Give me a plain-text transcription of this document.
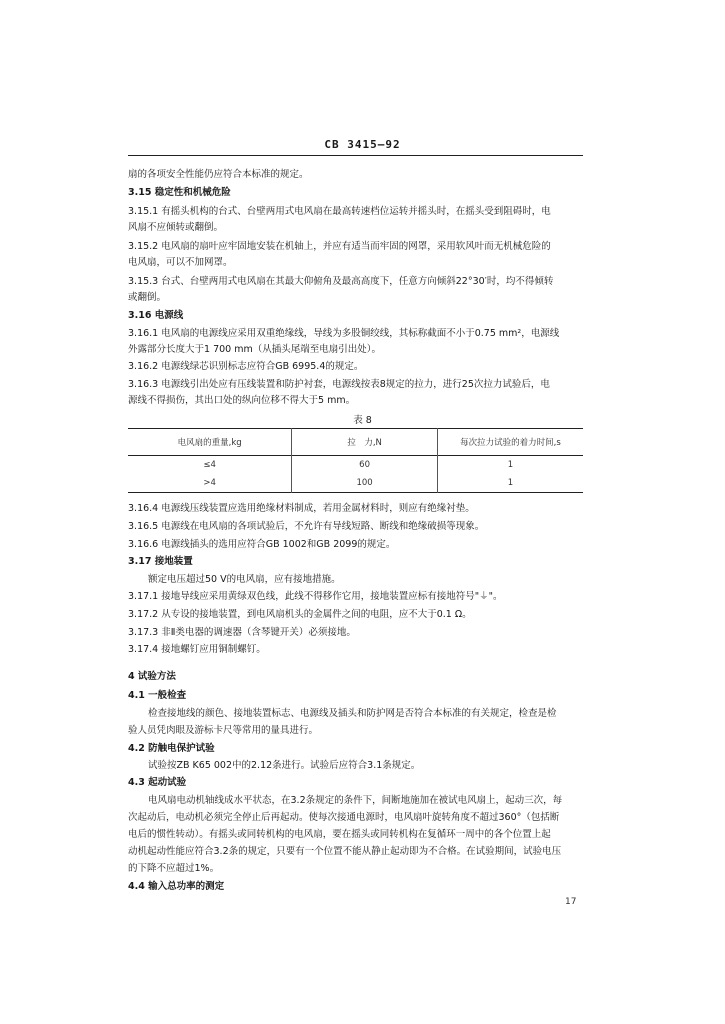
CB 3415—92
扇的各项安全性能仍应符合本标准的规定。
3.15 稳定性和机械危险
3.15.1 有摇头机构的台式、台壁两用式电风扇在最高转速档位运转并摇头时，在摇头受到阻碍时，电
风扇不应倾转或翻倒。
3.15.2 电风扇的扇叶应牢固地安装在机轴上，并应有适当而牢固的网罩，采用软风叶而无机械危险的
电风扇，可以不加网罩。
3.15.3 台式、台壁两用式电风扇在其最大仰俯角及最高高度下，任意方向倾斜22°30′时，均不得倾转
或翻倒。
3.16 电源线
3.16.1 电风扇的电源线应采用双重绝缘线，导线为多股铜绞线，其标称截面不小于0.75 mm²，电源线
外露部分长度大于1 700 mm（从插头尾端至电扇引出处）。
3.16.2 电源线绿芯识别标志应符合GB 6995.4的规定。
3.16.3 电源线引出处应有压线装置和防护衬套，电源线按表8规定的拉力，进行25次拉力试验后，电
源线不得损伤，其出口处的纵向位移不得大于5 mm。
表 8
电风扇的重量,kg	拉　力,N	每次拉力试验的着力时间,s
≤4	60	1
>4	100	1
3.16.4 电源线压线装置应选用绝缘材料制成，若用金属材料时，则应有绝缘衬垫。
3.16.5 电源线在电风扇的各项试验后，不允许有导线短路、断线和绝缘破损等现象。
3.16.6 电源线插头的选用应符合GB 1002和GB 2099的规定。
3.17 接地装置
额定电压超过50 V的电风扇，应有接地措施。
3.17.1 接地导线应采用黄绿双色线，此线不得移作它用，接地装置应标有接地符号"⏚"。
3.17.2 从专设的接地装置，到电风扇机头的金属件之间的电阻，应不大于0.1 Ω。
3.17.3 非Ⅱ类电器的调速器（含琴键开关）必须接地。
3.17.4 接地螺钉应用铜制螺钉。
4 试验方法
4.1 一般检查
检查接地线的颜色、接地装置标志、电源线及插头和防护网是否符合本标准的有关规定，检查是检
验人员凭肉眼及游标卡尺等常用的量具进行。
4.2 防触电保护试验
试验按ZB K65 002中的2.12条进行。试验后应符合3.1条规定。
4.3 起动试验
电风扇电动机轴线成水平状态，在3.2条规定的条件下，间断地施加在被试电风扇上，起动三次，每
次起动后，电动机必须完全停止后再起动。使每次接通电源时，电风扇叶旋转角度不超过360°（包括断
电后的惯性转动）。有摇头或同转机构的电风扇，要在摇头或同转机构在复循环一周中的各个位置上起
动机起动性能应符合3.2条的规定，只要有一个位置不能从静止起动即为不合格。在试验期间，试验电压
的下降不应超过1%。
4.4 输入总功率的测定
17
